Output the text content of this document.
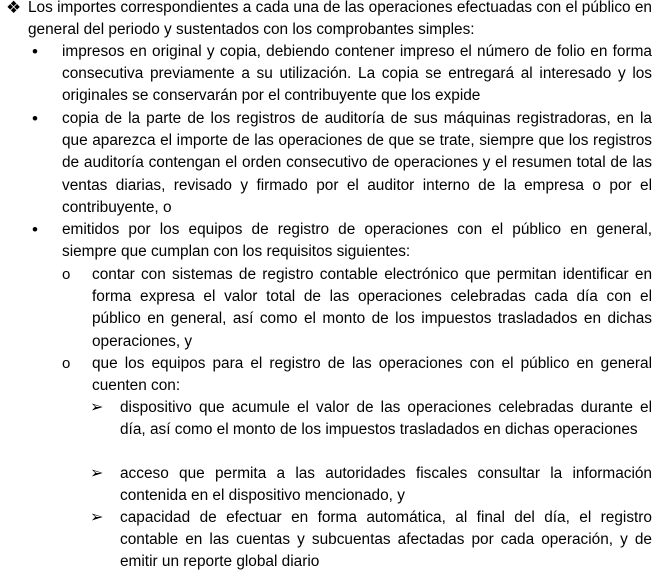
❖ Los importes correspondientes a cada una de las operaciones efectuadas con el público en general del periodo y sustentados con los comprobantes simples:
• impresos en original y copia, debiendo contener impreso el número de folio en forma consecutiva previamente a su utilización. La copia se entregará al interesado y los originales se conservarán por el contribuyente que los expide
• copia de la parte de los registros de auditoría de sus máquinas registradoras, en la que aparezca el importe de las operaciones de que se trate, siempre que los registros de auditoría contengan el orden consecutivo de operaciones y el resumen total de las ventas diarias, revisado y firmado por el auditor interno de la empresa o por el contribuyente, o
• emitidos por los equipos de registro de operaciones con el público en general, siempre que cumplan con los requisitos siguientes:
o contar con sistemas de registro contable electrónico que permitan identificar en forma expresa el valor total de las operaciones celebradas cada día con el público en general, así como el monto de los impuestos trasladados en dichas operaciones, y
o que los equipos para el registro de las operaciones con el público en general cuenten con:
➢ dispositivo que acumule el valor de las operaciones celebradas durante el día, así como el monto de los impuestos trasladados en dichas operaciones
➢ acceso que permita a las autoridades fiscales consultar la información contenida en el dispositivo mencionado, y
➢ capacidad de efectuar en forma automática, al final del día, el registro contable en las cuentas y subcuentas afectadas por cada operación, y de emitir un reporte global diario
